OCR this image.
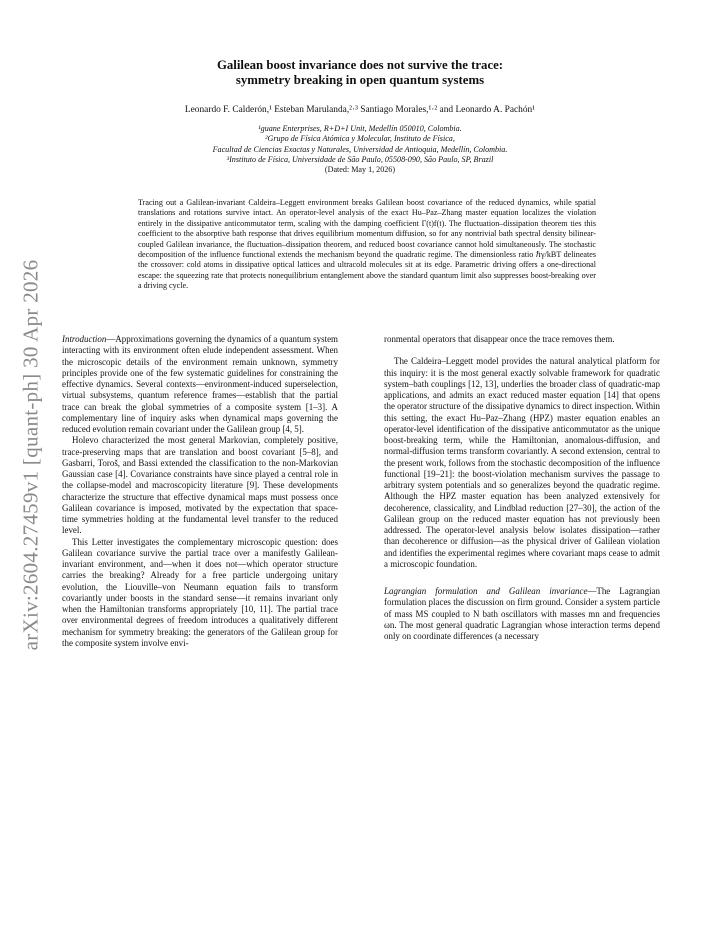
arXiv:2604.27459v1 [quant-ph] 30 Apr 2026
Galilean boost invariance does not survive the trace:
symmetry breaking in open quantum systems
Leonardo F. Calderón,¹ Esteban Marulanda,²·³ Santiago Morales,¹·² and Leonardo A. Pachón¹
¹guane Enterprises, R+D+I Unit, Medellín 050010, Colombia.
²Grupo de Física Atómica y Molecular, Instituto de Física,
Facultad de Ciencias Exactas y Naturales, Universidad de Antioquia, Medellín, Colombia.
³Instituto de Física, Universidade de São Paulo, 05508-090, São Paulo, SP, Brazil
(Dated: May 1, 2026)
Tracing out a Galilean-invariant Caldeira–Leggett environment breaks Galilean boost covariance of the reduced dynamics, while spatial translations and rotations survive intact. An operator-level analysis of the exact Hu–Paz–Zhang master equation localizes the violation entirely in the dissipative anticommutator term, scaling with the damping coefficient Γ(t)f(t). The fluctuation–dissipation theorem ties this coefficient to the absorptive bath response that drives equilibrium momentum diffusion, so for any nontrivial bath spectral density bilinear-coupled Galilean invariance, the fluctuation–dissipation theorem, and reduced boost covariance cannot hold simultaneously. The stochastic decomposition of the influence functional extends the mechanism beyond the quadratic regime. The dimensionless ratio ℏγ/kBT delineates the crossover: cold atoms in dissipative optical lattices and ultracold molecules sit at its edge. Parametric driving offers a one-directional escape: the squeezing rate that protects nonequilibrium entanglement above the standard quantum limit also suppresses boost-breaking over a driving cycle.

Introduction—Approximations governing the dynamics of a quantum system interacting with its environment often elude independent assessment. When the microscopic details of the environment remain unknown, symmetry principles provide one of the few systematic guidelines for constraining the effective dynamics. Several contexts—environment-induced superselection, virtual subsystems, quantum reference frames—establish that the partial trace can break the global symmetries of a composite system [1–3]. A complementary line of inquiry asks when dynamical maps governing the reduced evolution remain covariant under the Galilean group [4, 5].

Holevo characterized the most general Markovian, completely positive, trace-preserving maps that are translation and boost covariant [5–8], and Gasbarri, Toroš, and Bassi extended the classification to the non-Markovian Gaussian case [4]. Covariance constraints have since played a central role in the collapse-model and macroscopicity literature [9]. These developments characterize the structure that effective dynamical maps must possess once Galilean covariance is imposed, motivated by the expectation that space-time symmetries holding at the fundamental level transfer to the reduced level.

This Letter investigates the complementary microscopic question: does Galilean covariance survive the partial trace over a manifestly Galilean-invariant environment, and—when it does not—which operator structure carries the breaking? Already for a free particle undergoing unitary evolution, the Liouville–von Neumann equation fails to transform covariantly under boosts in the standard sense—it remains invariant only when the Hamiltonian transforms appropriately [10, 11]. The partial trace over environmental degrees of freedom introduces a qualitatively different mechanism for symmetry breaking: the generators of the Galilean group for the composite system involve envi-

ronmental operators that disappear once the trace removes them.

The Caldeira–Leggett model provides the natural analytical platform for this inquiry: it is the most general exactly solvable framework for quadratic system–bath couplings [12, 13], underlies the broader class of quadratic-map applications, and admits an exact reduced master equation [14] that opens the operator structure of the dissipative dynamics to direct inspection. Within this setting, the exact Hu–Paz–Zhang (HPZ) master equation enables an operator-level identification of the dissipative anticommutator as the unique boost-breaking term, while the Hamiltonian, anomalous-diffusion, and normal-diffusion terms transform covariantly. A second extension, central to the present work, follows from the stochastic decomposition of the influence functional [19–21]: the boost-violation mechanism survives the passage to arbitrary system potentials and so generalizes beyond the quadratic regime. Although the HPZ master equation has been analyzed extensively for decoherence, classicality, and Lindblad reduction [27–30], the action of the Galilean group on the reduced master equation has not previously been addressed. The operator-level analysis below isolates dissipation—rather than decoherence or diffusion—as the physical driver of Galilean violation and identifies the experimental regimes where covariant maps cease to admit a microscopic foundation.

Lagrangian formulation and Galilean invariance—The Lagrangian formulation places the discussion on firm ground. Consider a system particle of mass MS coupled to N bath oscillators with masses mn and frequencies ωn. The most general quadratic Lagrangian whose interaction terms depend only on coordinate differences (a necessary
